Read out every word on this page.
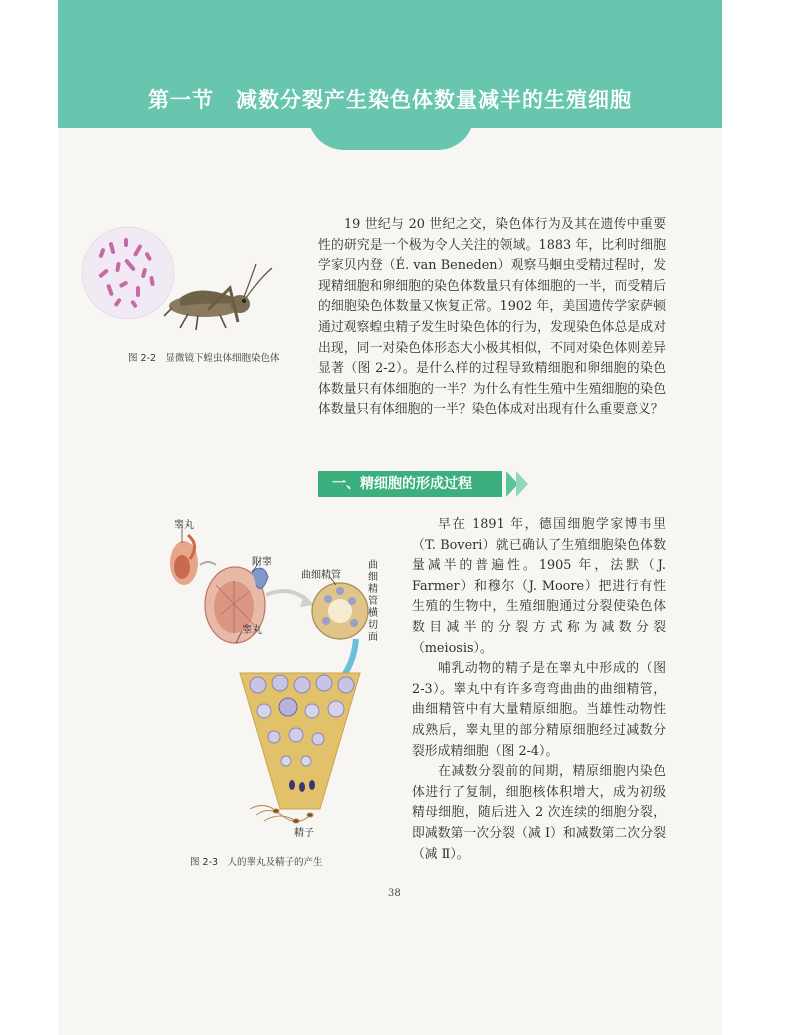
第一节　减数分裂产生染色体数量减半的生殖细胞
图 2-2　显微镜下蝗虫体细胞染色体
19 世纪与 20 世纪之交，染色体行为及其在遗传中重要性的研究是一个极为令人关注的领域。1883 年，比利时细胞学家贝内登（É. van Beneden）观察马蛔虫受精过程时，发现精细胞和卵细胞的染色体数量只有体细胞的一半，而受精后的细胞染色体数量又恢复正常。1902 年，美国遗传学家萨顿通过观察蝗虫精子发生时染色体的行为，发现染色体总是成对出现，同一对染色体形态大小极其相似，不同对染色体则差异显著（图 2-2）。是什么样的过程导致精细胞和卵细胞的染色体数量只有体细胞的一半？为什么有性生殖中生殖细胞的染色体数量只有体细胞的一半？染色体成对出现有什么重要意义？
一、精细胞的形成过程
睾丸
附睾
曲细精管
睾丸
曲细精管横切面
精子
图 2-3　人的睾丸及精子的产生

早在 1891 年，德国细胞学家博韦里（T. Boveri）就已确认了生殖细胞染色体数量减半的普遍性。1905 年，法默（J. Farmer）和穆尔（J. Moore）把进行有性生殖的生物中，生殖细胞通过分裂使染色体数目减半的分裂方式称为减数分裂（meiosis）。

哺乳动物的精子是在睾丸中形成的（图 2-3）。睾丸中有许多弯弯曲曲的曲细精管，曲细精管中有大量精原细胞。当雄性动物性成熟后，睾丸里的部分精原细胞经过减数分裂形成精细胞（图 2-4）。

在减数分裂前的间期，精原细胞内染色体进行了复制，细胞核体积增大，成为初级精母细胞，随后进入 2 次连续的细胞分裂，即减数第一次分裂（减 Ⅰ）和减数第二次分裂（减 Ⅱ）。

38
